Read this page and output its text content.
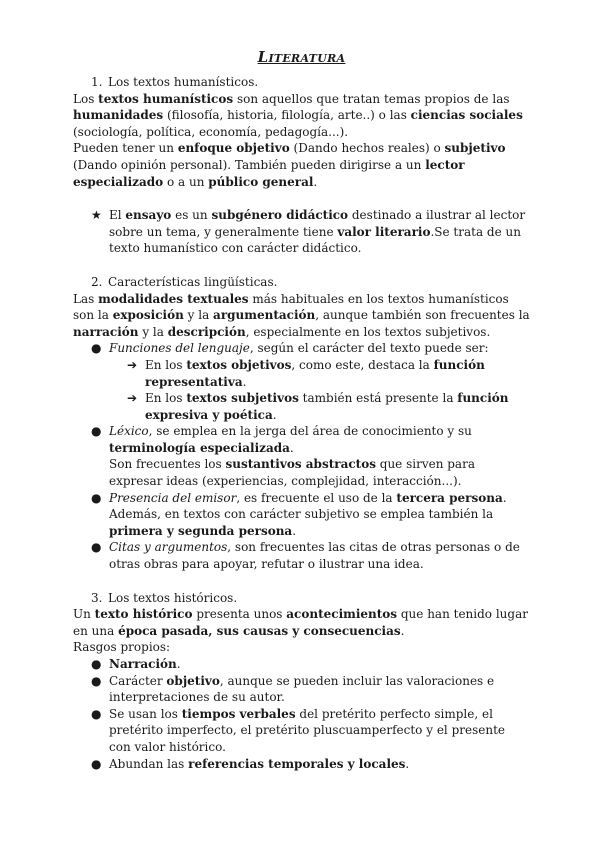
Literatura
1. Los textos humanísticos.

Los textos humanísticos son aquellos que tratan temas propios de las humanidades (filosofía, historia, filología, arte..) o las ciencias sociales (sociología, política, economía, pedagogía...).

Pueden tener un enfoque objetivo (Dando hechos reales) o subjetivo (Dando opinión personal). También pueden dirigirse a un lector especializado o a un público general.

★ El ensayo es un subgénero didáctico destinado a ilustrar al lector sobre un tema, y generalmente tiene valor literario.Se trata de un texto humanístico con carácter didáctico.
2. Características lingüísticas.

Las modalidades textuales más habituales en los textos humanísticos son la exposición y la argumentación, aunque también son frecuentes la narración y la descripción, especialmente en los textos subjetivos.

● Funciones del lenguaje, según el carácter del texto puede ser:
➔ En los textos objetivos, como este, destaca la función representativa.
➔ En los textos subjetivos también está presente la función expresiva y poética.
● Léxico, se emplea en la jerga del área de conocimiento y su terminología especializada.
Son frecuentes los sustantivos abstractos que sirven para expresar ideas (experiencias, complejidad, interacción...).
● Presencia del emisor, es frecuente el uso de la tercera persona. Además, en textos con carácter subjetivo se emplea también la primera y segunda persona.
● Citas y argumentos, son frecuentes las citas de otras personas o de otras obras para apoyar, refutar o ilustrar una idea.
3. Los textos históricos.

Un texto histórico presenta unos acontecimientos que han tenido lugar en una época pasada, sus causas y consecuencias.

Rasgos propios:

● Narración.
● Carácter objetivo, aunque se pueden incluir las valoraciones e interpretaciones de su autor.
● Se usan los tiempos verbales del pretérito perfecto simple, el pretérito imperfecto, el pretérito pluscuamperfecto y el presente con valor histórico.
● Abundan las referencias temporales y locales.
